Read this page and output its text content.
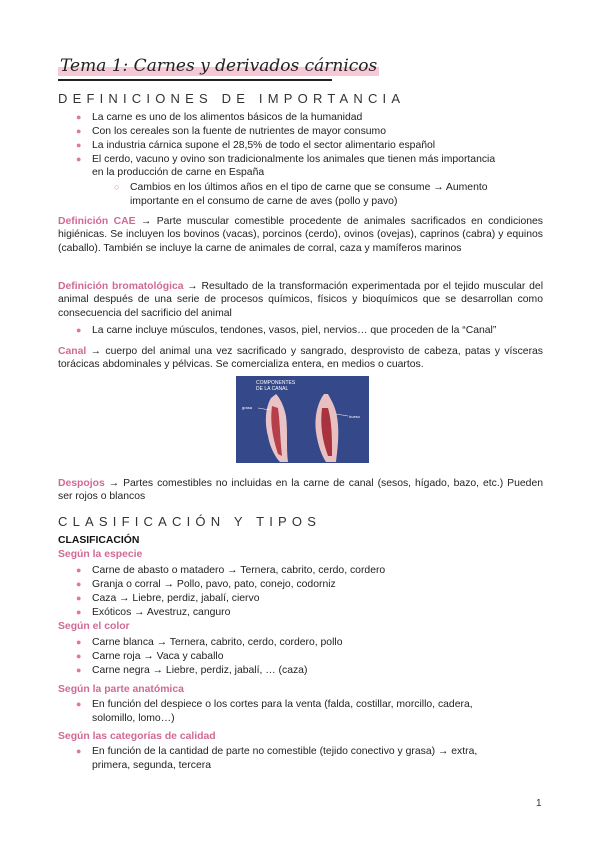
Tema 1: Carnes y derivados cárnicos
DEFINICIONES DE IMPORTANCIA
● La carne es uno de los alimentos básicos de la humanidad
● Con los cereales son la fuente de nutrientes de mayor consumo
● La industria cárnica supone el 28,5% de todo el sector alimentario español
● El cerdo, vacuno y ovino son tradicionalmente los animales que tienen más importancia
en la producción de carne en España
○ Cambios en los últimos años en el tipo de carne que se consume → Aumento
importante en el consumo de carne de aves (pollo y pavo)
Definición CAE → Parte muscular comestible procedente de animales sacrificados en condiciones higiénicas. Se incluyen los bovinos (vacas), porcinos (cerdo), ovinos (ovejas), caprinos (cabra) y equinos (caballo). También se incluye la carne de animales de corral, caza y mamíferos marinos
Definición bromatológica → Resultado de la transformación experimentada por el tejido muscular del animal después de una serie de procesos químicos, físicos y bioquímicos que se desarrollan como consecuencia del sacrificio del animal
● La carne incluye músculos, tendones, vasos, piel, nervios… que proceden de la “Canal”
Canal → cuerpo del animal una vez sacrificado y sangrado, desprovisto de cabeza, patas y vísceras torácicas abdominales y pélvicas. Se comercializa entera, en medios o cuartos.
COMPONENTES
DE LA CANAL
grasa
hueso
Despojos → Partes comestibles no incluidas en la carne de canal (sesos, hígado, bazo, etc.) Pueden ser rojos o blancos
CLASIFICACIÓN Y TIPOS
CLASIFICACIÓN
Según la especie
● Carne de abasto o matadero → Ternera, cabrito, cerdo, cordero
● Granja o corral → Pollo, pavo, pato, conejo, codorniz
● Caza → Liebre, perdiz, jabalí, ciervo
● Exóticos → Avestruz, canguro
Según el color
● Carne blanca → Ternera, cabrito, cerdo, cordero, pollo
● Carne roja → Vaca y caballo
● Carne negra → Liebre, perdiz, jabalí, … (caza)
Según la parte anatómica
● En función del despiece o los cortes para la venta (falda, costillar, morcillo, cadera,
solomillo, lomo…)
Según las categorías de calidad
● En función de la cantidad de parte no comestible (tejido conectivo y grasa) → extra,
primera, segunda, tercera
1
